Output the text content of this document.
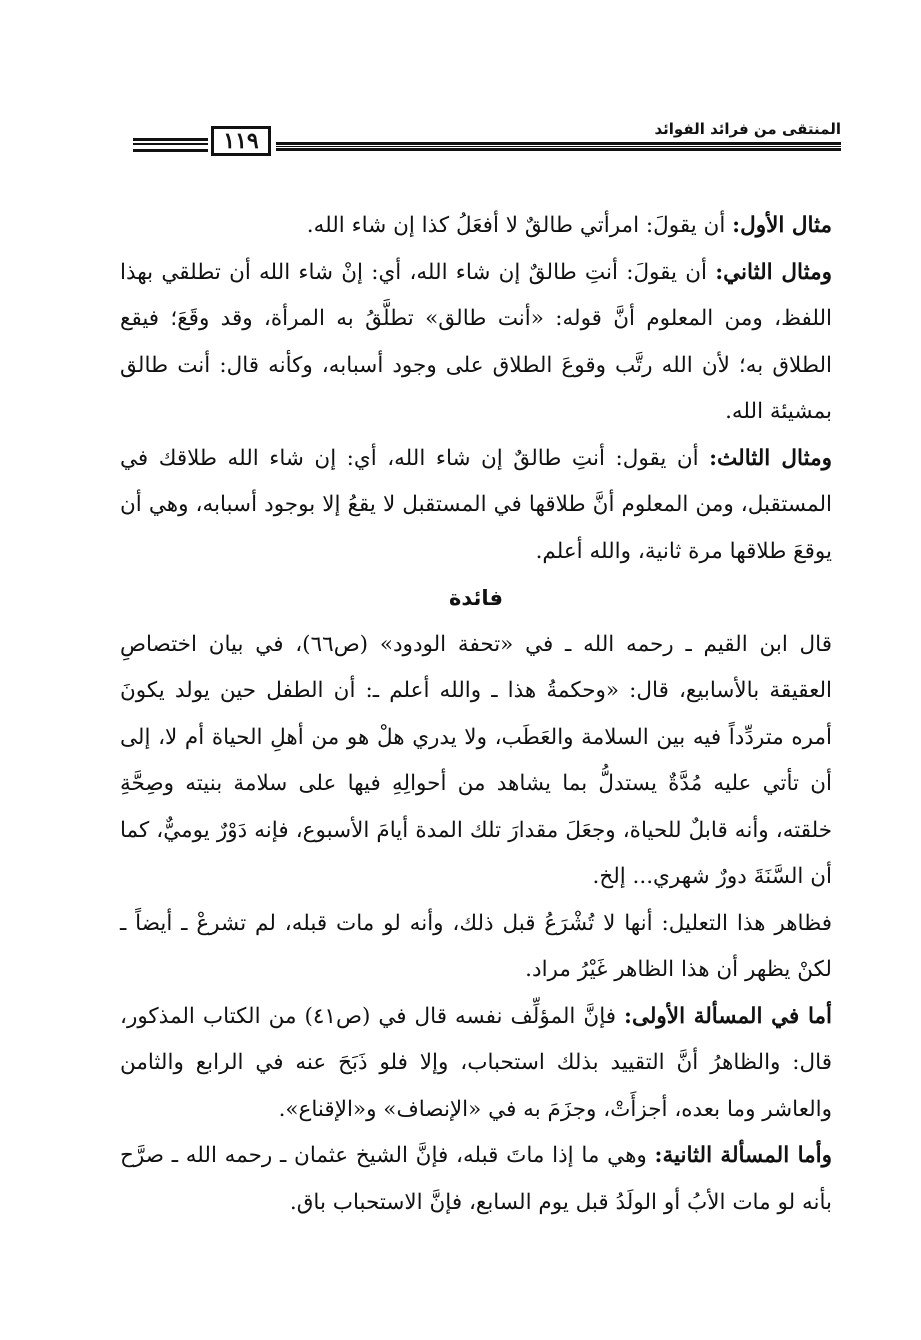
المنتقى من فرائد الفوائد
١١٩

مثال الأول: أن يقولَ: امرأتي طالقٌ لا أفعَلُ كذا إن شاء الله.

ومثال الثاني: أن يقولَ: أنتِ طالقٌ إن شاء الله، أي: إنْ شاء الله أن تطلقي بهذا اللفظ، ومن المعلوم أنَّ قوله: «أنت طالق» تطلَّقُ به المرأة، وقد وقَعَ؛ فيقع الطلاق به؛ لأن الله رتَّب وقوعَ الطلاق على وجود أسبابه، وكأنه قال: أنت طالق بمشيئة الله.

ومثال الثالث: أن يقول: أنتِ طالقٌ إن شاء الله، أي: إن شاء الله طلاقك في المستقبل، ومن المعلوم أنَّ طلاقها في المستقبل لا يقعُ إلا بوجود أسبابه، وهي أن يوقعَ طلاقها مرة ثانية، والله أعلم.

فائدة

قال ابن القيم ـ رحمه الله ـ في «تحفة الودود» (ص٦٦)، في بيان اختصاصِ العقيقة بالأسابيع، قال: «وحكمةُ هذا ـ والله أعلم ـ: أن الطفل حين يولد يكونَ أمره متردِّداً فيه بين السلامة والعَطَب، ولا يدري هلْ هو من أهلِ الحياة أم لا، إلى أن تأتي عليه مُدَّةٌ يستدلُّ بما يشاهد من أحوالِهِ فيها على سلامة بنيته وصِحَّةِ خلقته، وأنه قابلٌ للحياة، وجعَلَ مقدارَ تلك المدة أيامَ الأسبوع، فإنه دَوْرٌ يوميٌّ، كما أن السَّنَةَ دورٌ شهري... إلخ.

فظاهر هذا التعليل: أنها لا تُشْرَعُ قبل ذلك، وأنه لو مات قبله، لم تشرعْ ـ أيضاً ـ لكنْ يظهر أن هذا الظاهر غَيْرُ مراد.

أما في المسألة الأولى: فإنَّ المؤلِّف نفسه قال في (ص٤١) من الكتاب المذكور، قال: والظاهرُ أنَّ التقييد بذلك استحباب، وإلا فلو ذَبَحَ عنه في الرابع والثامن والعاشر وما بعده، أجزأَتْ، وجزَمَ به في «الإنصاف» و«الإقناع».

وأما المسألة الثانية: وهي ما إذا ماتَ قبله، فإنَّ الشيخ عثمان ـ رحمه الله ـ صرَّح بأنه لو مات الأبُ أو الولَدُ قبل يوم السابع، فإنَّ الاستحباب باق.
